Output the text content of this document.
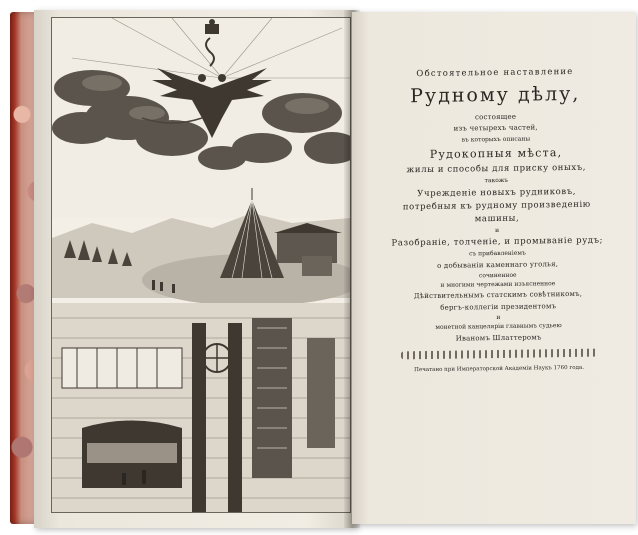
Обстоятельное наставление
Рудному дѣлу,
состоящее
изъ четырехъ частей,
въ которыхъ описаны
Рудокопныя мѣста,
жилы и способы для приску оныхъ,
такожъ
Учрежденіе новыхъ рудниковъ,
потребныя къ рудному произведенію
машины,
и
Разобраніе, толченіе, и промываніе рудъ;
съ прибавленіемъ
о добываніи каменнаго уголья,
сочиненное
и многими чертежами изъясненное
Дѣйствительнымъ статскимъ совѣтникомъ,
бергъ-коллегіи президентомъ
и
монетной канцелярiи главнымъ судьею
Иваномъ Шлаттеромъ
Печатано при Императорской Академіи Наукъ 1760 года.
